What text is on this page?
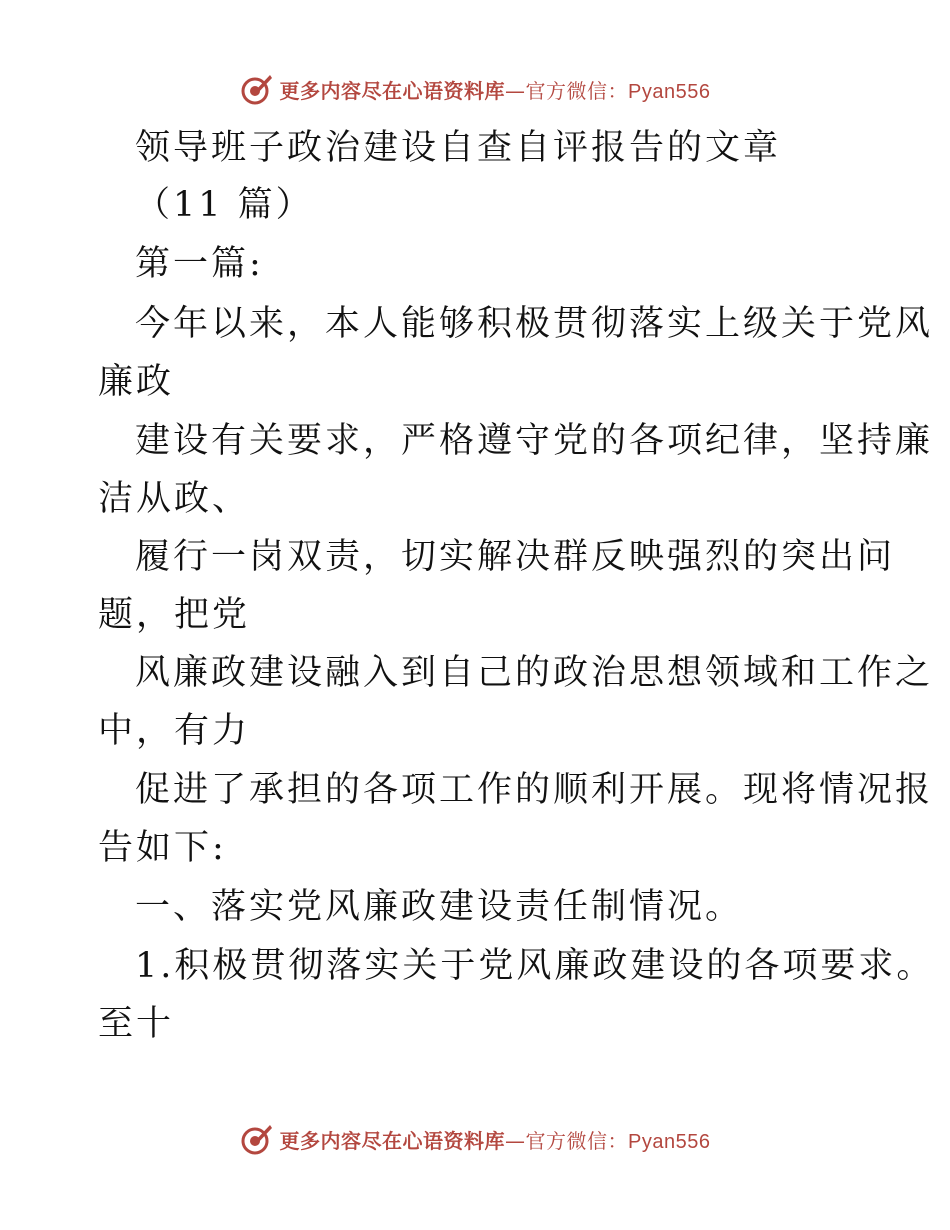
更多内容尽在心语资料库—官方微信：Pyan556
领导班子政治建设自查自评报告的文章
（11 篇）
第一篇:
今年以来，本人能够积极贯彻落实上级关于党风
廉政
建设有关要求，严格遵守党的各项纪律，坚持廉
洁从政、
履行一岗双责，切实解决群反映强烈的突出问
题，把党
风廉政建设融入到自己的政治思想领域和工作之
中，有力
促进了承担的各项工作的顺利开展。现将情况报
告如下:
一、落实党风廉政建设责任制情况。
1.积极贯彻落实关于党风廉政建设的各项要求。
至十
更多内容尽在心语资料库—官方微信：Pyan556
